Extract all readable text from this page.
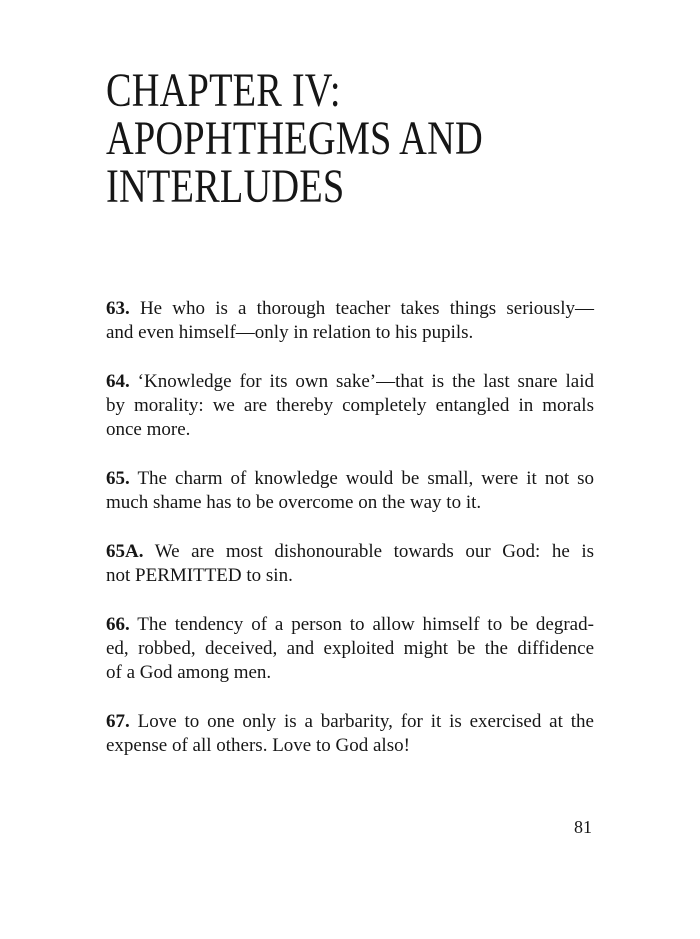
CHAPTER IV:
APOPHTHEGMS AND
INTERLUDES
63. He who is a thorough teacher takes things seriously—
and even himself—only in relation to his pupils.
64. ‘Knowledge for its own sake’—that is the last snare laid
by morality: we are thereby completely entangled in morals
once more.
65. The charm of knowledge would be small, were it not so
much shame has to be overcome on the way to it.
65A. We are most dishonourable towards our God: he is
not PERMITTED to sin.
66. The tendency of a person to allow himself to be degrad-
ed, robbed, deceived, and exploited might be the diffidence
of a God among men.
67. Love to one only is a barbarity, for it is exercised at the
expense of all others. Love to God also!
81
